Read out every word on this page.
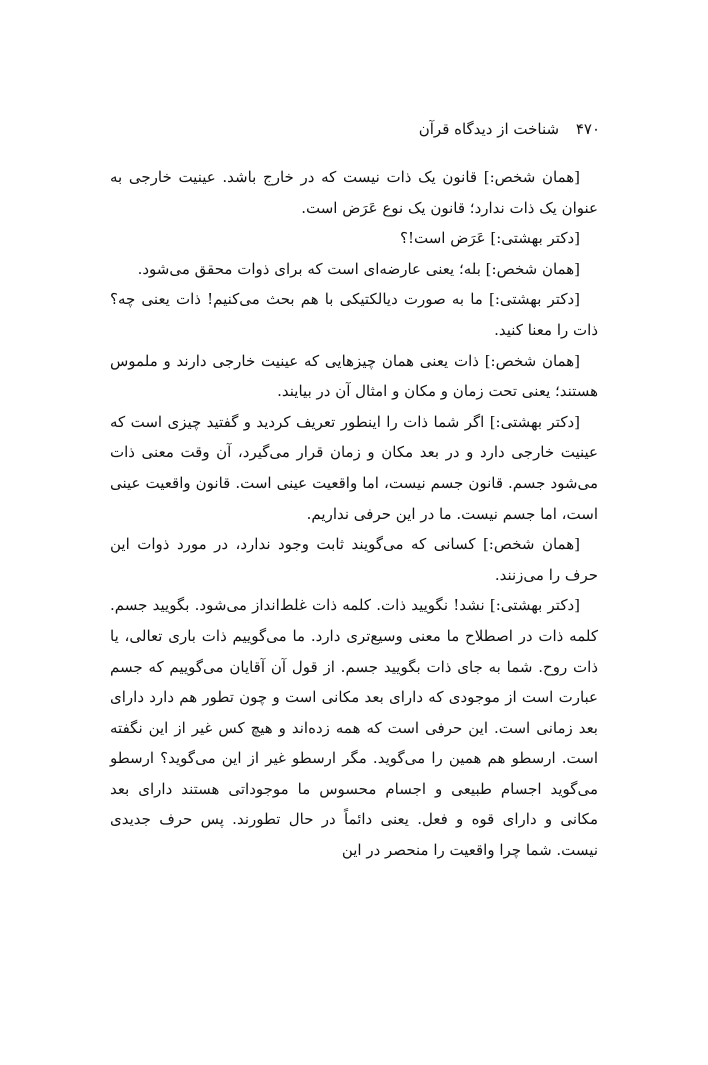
۴۷۰ شناخت از دیدگاه قرآن

[همان شخص:] قانون یک ذات نیست که در خارج باشد. عینیت خارجی به عنوان یک ذات ندارد؛ قانون یک نوع عَرَض است.

[دکتر بهشتی:] عَرَض است!؟

[همان شخص:] بله؛ یعنی عارضه‌ای است که برای ذوات محقق می‌شود.

[دکتر بهشتی:] ما به صورت دیالکتیکی با هم بحث می‌کنیم! ذات یعنی چه؟ ذات را معنا کنید.

[همان شخص:] ذات یعنی همان چیزهایی که عینیت خارجی دارند و ملموس هستند؛ یعنی تحت زمان و مکان و امثال آن در بیایند.

[دکتر بهشتی:] اگر شما ذات را اینطور تعریف کردید و گفتید چیزی است که عینیت خارجی دارد و در بعد مکان و زمان قرار می‌گیرد، آن وقت معنی ذات می‌شود جسم. قانون جسم نیست، اما واقعیت عینی است. قانون واقعیت عینی است، اما جسم نیست. ما در این حرفی نداریم.

[همان شخص:] کسانی که می‌گویند ثابت وجود ندارد، در مورد ذوات این حرف را می‌زنند.

[دکتر بهشتی:] نشد! نگویید ذات. کلمه ذات غلط‌انداز می‌شود. بگویید جسم. کلمه ذات در اصطلاح ما معنی وسیع‌تری دارد. ما می‌گوییم ذات باری تعالی، یا ذات روح. شما به جای ذات بگویید جسم. از قول آن آقایان می‌گوییم که جسم عبارت است از موجودی که دارای بعد مکانی است و چون تطور هم دارد دارای بعد زمانی است. این حرفی است که همه زده‌اند و هیچ کس غیر از این نگفته است. ارسطو هم همین را می‌گوید. مگر ارسطو غیر از این می‌گوید؟ ارسطو می‌گوید اجسام طبیعی و اجسام محسوس ما موجوداتی هستند دارای بعد مکانی و دارای قوه و فعل. یعنی دائماً در حال تطورند. پس حرف جدیدی نیست. شما چرا واقعیت را منحصر در این
